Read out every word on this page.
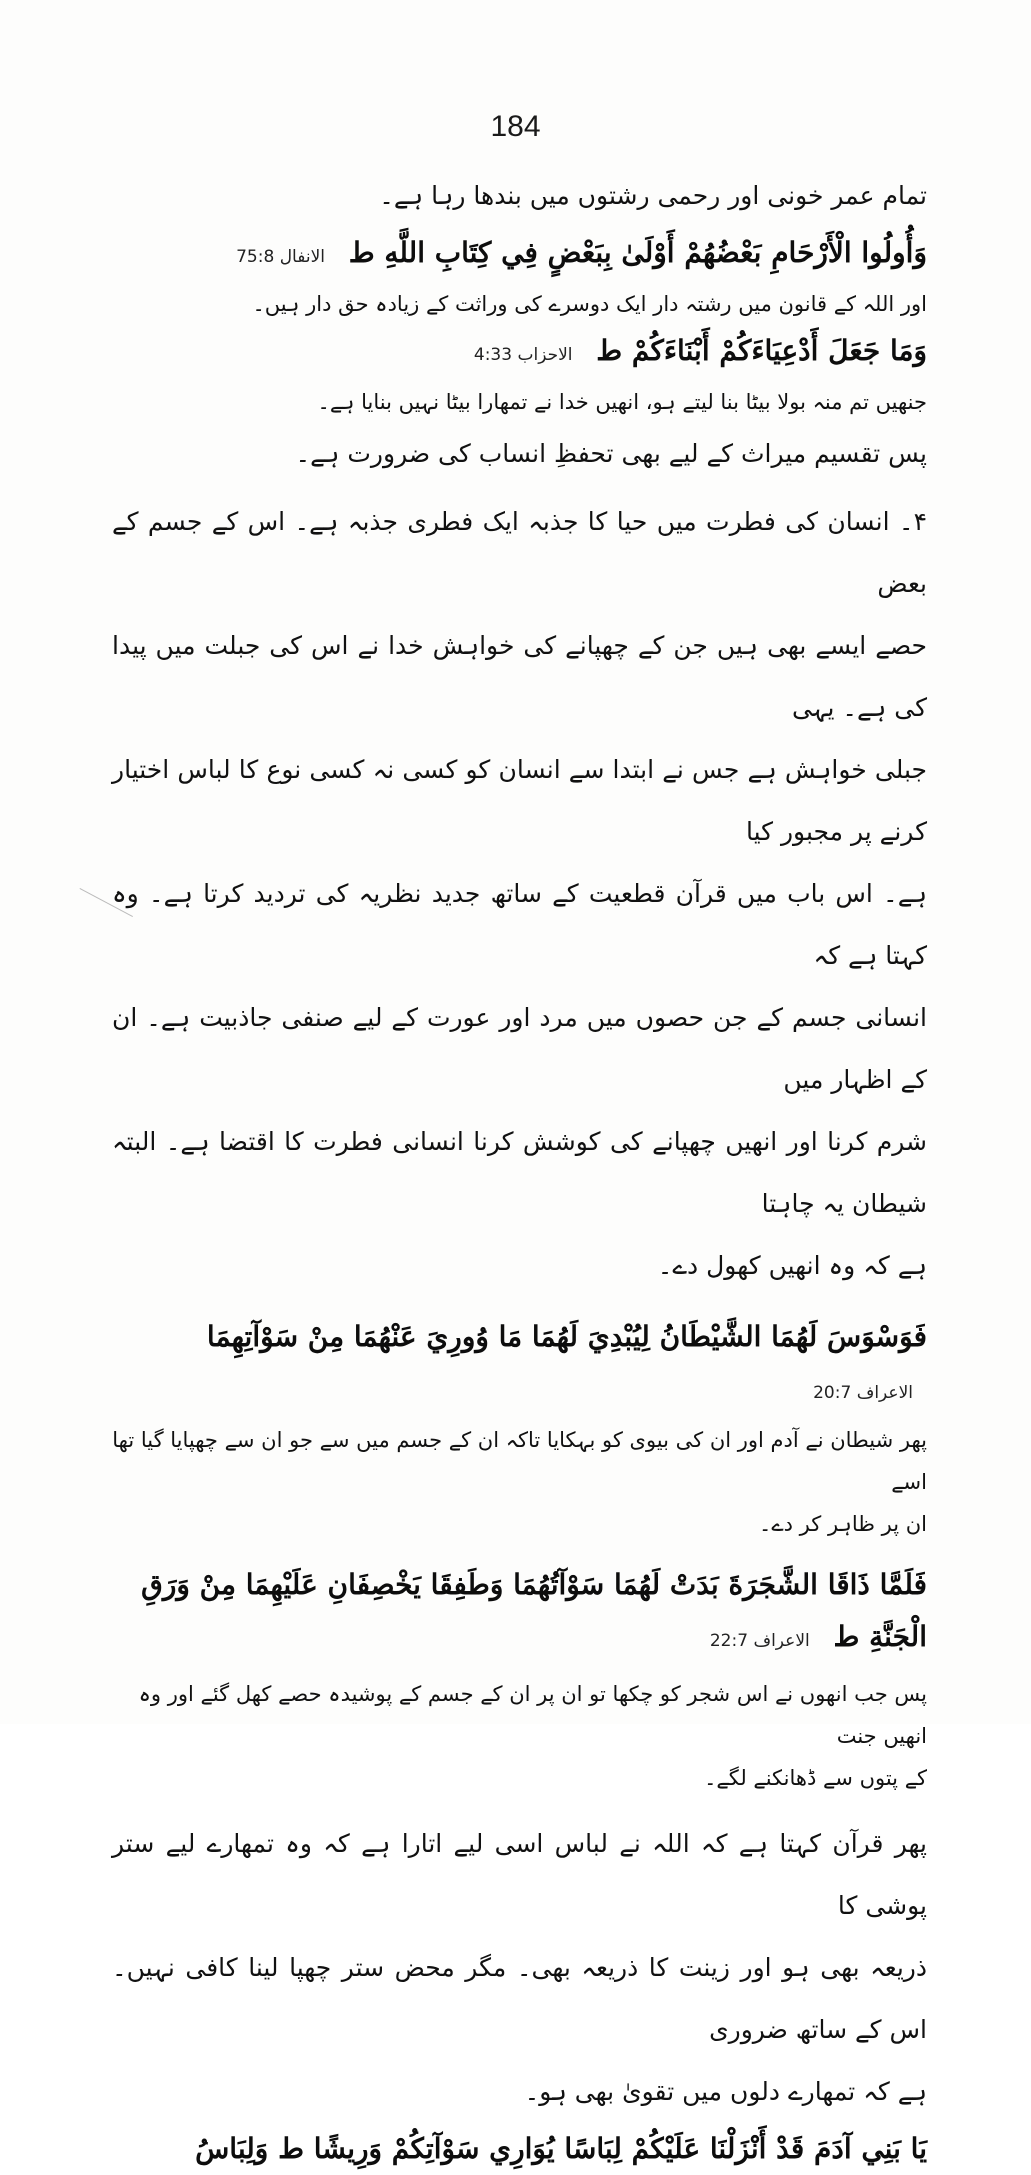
184

تمام عمر خونی اور رحمی رشتوں میں بندھا رہا ہے۔

وَأُولُوا الْأَرْحَامِ بَعْضُهُمْ أَوْلَىٰ بِبَعْضٍ فِي كِتَابِ اللَّهِ ط الانفال 75:8

اور اللہ کے قانون میں رشتہ دار ایک دوسرے کی وراثت کے زیادہ حق دار ہیں۔

وَمَا جَعَلَ أَدْعِيَاءَكُمْ أَبْنَاءَكُمْ ط الاحزاب 4:33

جنھیں تم منہ بولا بیٹا بنا لیتے ہو، انھیں خدا نے تمھارا بیٹا نہیں بنایا ہے۔

پس تقسیم میراث کے لیے بھی تحفظِ انساب کی ضرورت ہے۔

۴۔ انسان کی فطرت میں حیا کا جذبہ ایک فطری جذبہ ہے۔ اس کے جسم کے بعض
حصے ایسے بھی ہیں جن کے چھپانے کی خواہش خدا نے اس کی جبلت میں پیدا کی ہے۔ یہی
جبلی خواہش ہے جس نے ابتدا سے انسان کو کسی نہ کسی نوع کا لباس اختیار کرنے پر مجبور کیا
ہے۔ اس باب میں قرآن قطعیت کے ساتھ جدید نظریہ کی تردید کرتا ہے۔ وہ کہتا ہے کہ
انسانی جسم کے جن حصوں میں مرد اور عورت کے لیے صنفی جاذبیت ہے۔ ان کے اظہار میں
شرم کرنا اور انھیں چھپانے کی کوشش کرنا انسانی فطرت کا اقتضا ہے۔ البتہ شیطان یہ چاہتا
ہے کہ وہ انھیں کھول دے۔

فَوَسْوَسَ لَهُمَا الشَّيْطَانُ لِيُبْدِيَ لَهُمَا مَا وُورِيَ عَنْهُمَا مِنْ سَوْآتِهِمَا الاعراف 20:7

پھر شیطان نے آدم اور ان کی بیوی کو بہکایا تاکہ ان کے جسم میں سے جو ان سے چھپایا گیا تھا اسے
ان پر ظاہر کر دے۔
فَلَمَّا ذَاقَا الشَّجَرَةَ بَدَتْ لَهُمَا سَوْآتُهُمَا وَطَفِقَا يَخْصِفَانِ عَلَيْهِمَا مِنْ وَرَقِ
الْجَنَّةِ ط الاعراف 22:7
پس جب انھوں نے اس شجر کو چکھا تو ان پر ان کے جسم کے پوشیدہ حصے کھل گئے اور وہ انھیں جنت
کے پتوں سے ڈھانکنے لگے۔
پھر قرآن کہتا ہے کہ اللہ نے لباس اسی لیے اتارا ہے کہ وہ تمھارے لیے ستر پوشی کا
ذریعہ بھی ہو اور زینت کا ذریعہ بھی۔ مگر محض ستر چھپا لینا کافی نہیں۔ اس کے ساتھ ضروری
ہے کہ تمھارے دلوں میں تقویٰ بھی ہو۔

يَا بَنِي آدَمَ قَدْ أَنْزَلْنَا عَلَيْكُمْ لِبَاسًا يُوَارِي سَوْآتِكُمْ وَرِيشًا ط وَلِبَاسُ
